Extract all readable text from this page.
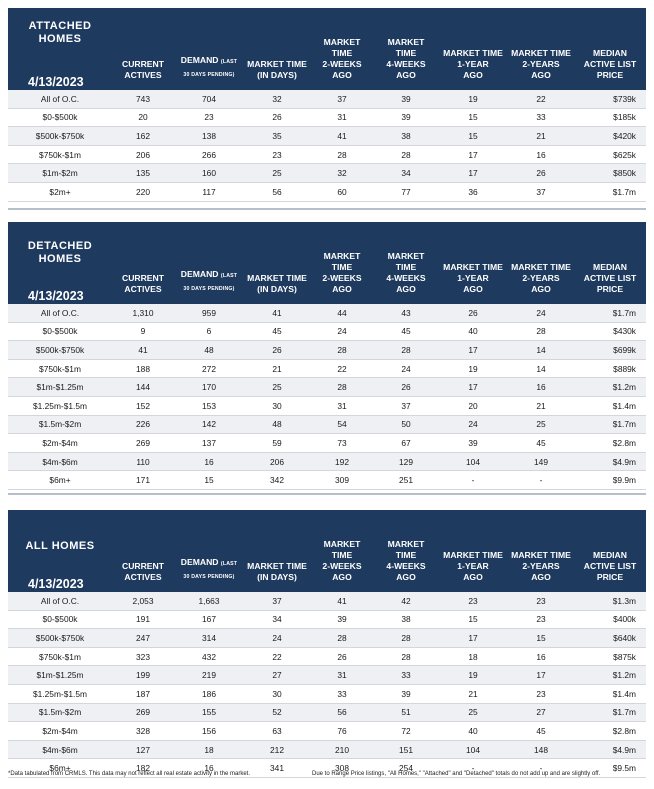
ATTACHED
HOMES
4/13/2023
CURRENT
ACTIVES
DEMAND (LAST
30 DAYS PENDING)
MARKET TIME
(IN DAYS)
MARKET
TIME
2-WEEKS
AGO
MARKET
TIME
4-WEEKS
AGO
MARKET TIME
1-YEAR
AGO
MARKET TIME
2-YEARS
AGO
MEDIAN
ACTIVE LIST
PRICE
All of O.C.	743	704	32	37	39	19	22	$739k
$0-$500k	20	23	26	31	39	15	33	$185k
$500k-$750k	162	138	35	41	38	15	21	$420k
$750k-$1m	206	266	23	28	28	17	16	$625k
$1m-$2m	135	160	25	32	34	17	26	$850k
$2m+	220	117	56	60	77	36	37	$1.7m
DETACHED
HOMES
4/13/2023
CURRENT
ACTIVES
DEMAND (LAST
30 DAYS PENDING)
MARKET TIME
(IN DAYS)
MARKET
TIME
2-WEEKS
AGO
MARKET
TIME
4-WEEKS
AGO
MARKET TIME
1-YEAR
AGO
MARKET TIME
2-YEARS
AGO
MEDIAN
ACTIVE LIST
PRICE
All of O.C.	1,310	959	41	44	43	26	24	$1.7m
$0-$500k	9	6	45	24	45	40	28	$430k
$500k-$750k	41	48	26	28	28	17	14	$699k
$750k-$1m	188	272	21	22	24	19	14	$889k
$1m-$1.25m	144	170	25	28	26	17	16	$1.2m
$1.25m-$1.5m	152	153	30	31	37	20	21	$1.4m
$1.5m-$2m	226	142	48	54	50	24	25	$1.7m
$2m-$4m	269	137	59	73	67	39	45	$2.8m
$4m-$6m	110	16	206	192	129	104	149	$4.9m
$6m+	171	15	342	309	251	-	-	$9.9m
ALL HOMES
4/13/2023
CURRENT
ACTIVES
DEMAND (LAST
30 DAYS PENDING)
MARKET TIME
(IN DAYS)
MARKET
TIME
2-WEEKS
AGO
MARKET
TIME
4-WEEKS
AGO
MARKET TIME
1-YEAR
AGO
MARKET TIME
2-YEARS
AGO
MEDIAN
ACTIVE LIST
PRICE
All of O.C.	2,053	1,663	37	41	42	23	23	$1.3m
$0-$500k	191	167	34	39	38	15	23	$400k
$500k-$750k	247	314	24	28	28	17	15	$640k
$750k-$1m	323	432	22	26	28	18	16	$875k
$1m-$1.25m	199	219	27	31	33	19	17	$1.2m
$1.25m-$1.5m	187	186	30	33	39	21	23	$1.4m
$1.5m-$2m	269	155	52	56	51	25	27	$1.7m
$2m-$4m	328	156	63	76	72	40	45	$2.8m
$4m-$6m	127	18	212	210	151	104	148	$4.9m
$6m+	182	16	341	308	254	-	-	$9.5m
*Data tabulated from CRMLS. This data may not reflect all real estate activity in the market.	Due to Range Price listings, "All Homes," "Attached" and "Detached" totals do not add up and are slightly off.
